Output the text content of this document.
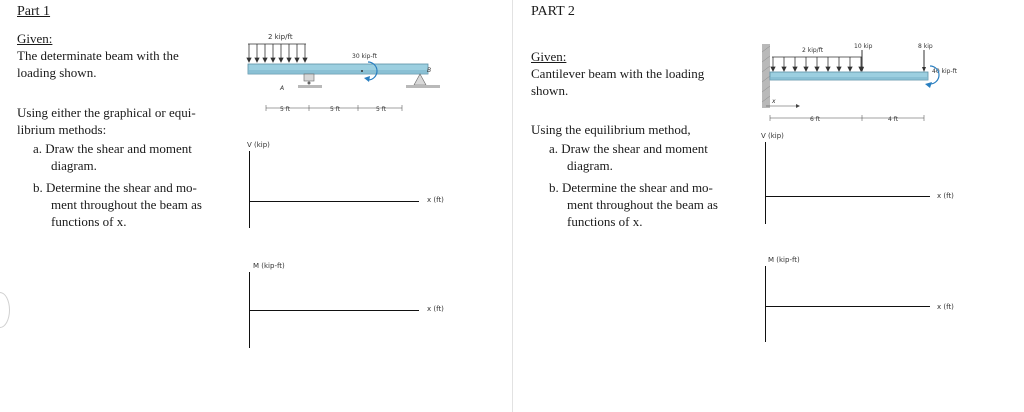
Part 1
Given:
The determinate beam with the
loading shown.
Using either the graphical or equi-
librium methods:
a. Draw the shear and moment
diagram.
b. Determine the shear and mo-
ment throughout the beam as
functions of x.
2 kip/ft
30 kip-ft
A
B
5 ft	5 ft	5 ft
V (kip)
x (ft)
M (kip-ft)
x (ft)
PART 2
Given:
Cantilever beam with the loading
shown.
Using the equilibrium method,
a. Draw the shear and moment
diagram.
b. Determine the shear and mo-
ment throughout the beam as
functions of x.
2 kip/ft
10 kip	8 kip
40 kip-ft
x
6 ft	4 ft
V (kip)
x (ft)
M (kip-ft)
x (ft)
